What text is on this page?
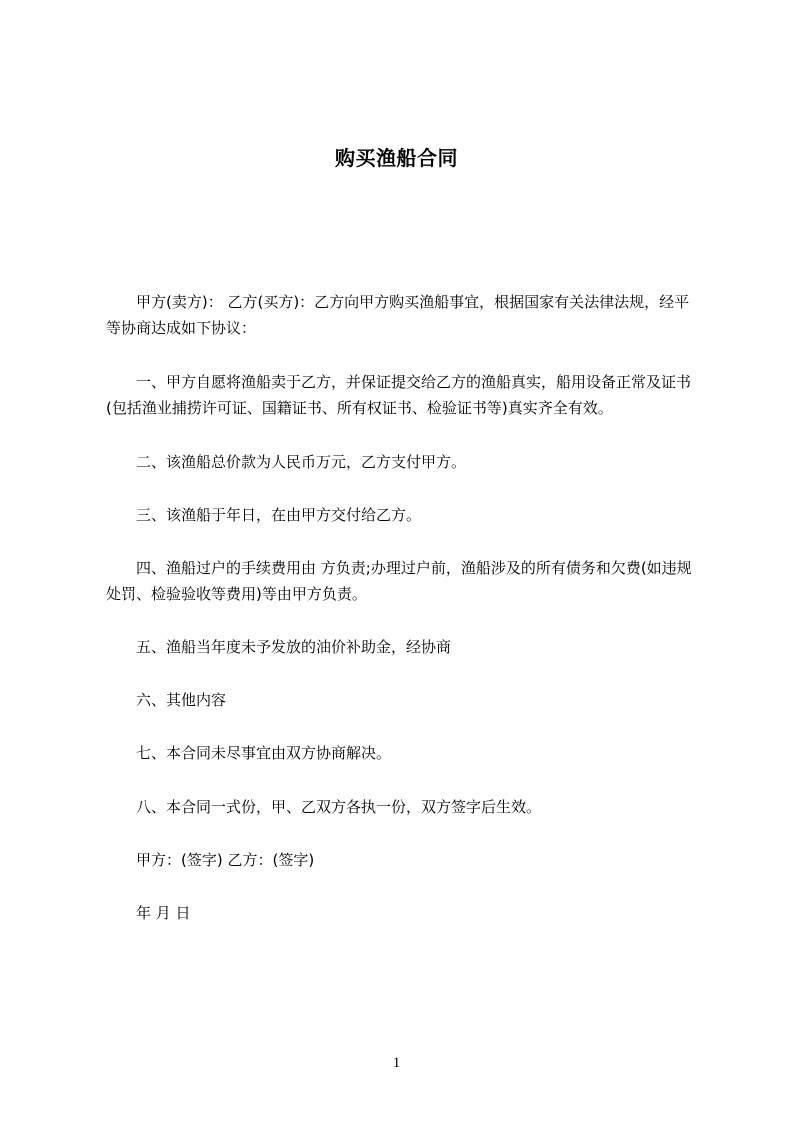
购买渔船合同
甲方(卖方)： 乙方(买方)：乙方向甲方购买渔船事宜，根据国家有关法律法规，经平等协商达成如下协议：
一、甲方自愿将渔船卖于乙方，并保证提交给乙方的渔船真实，船用设备正常及证书(包括渔业捕捞许可证、国籍证书、所有权证书、检验证书等)真实齐全有效。
二、该渔船总价款为人民币万元，乙方支付甲方。
三、该渔船于年日，在由甲方交付给乙方。
四、渔船过户的手续费用由 方负责;办理过户前，渔船涉及的所有债务和欠费(如违规处罚、检验验收等费用)等由甲方负责。
五、渔船当年度未予发放的油价补助金，经协商
六、其他内容
七、本合同未尽事宜由双方协商解决。
八、本合同一式份，甲、乙双方各执一份，双方签字后生效。
甲方：(签字) 乙方：(签字)
年 月 日
1
